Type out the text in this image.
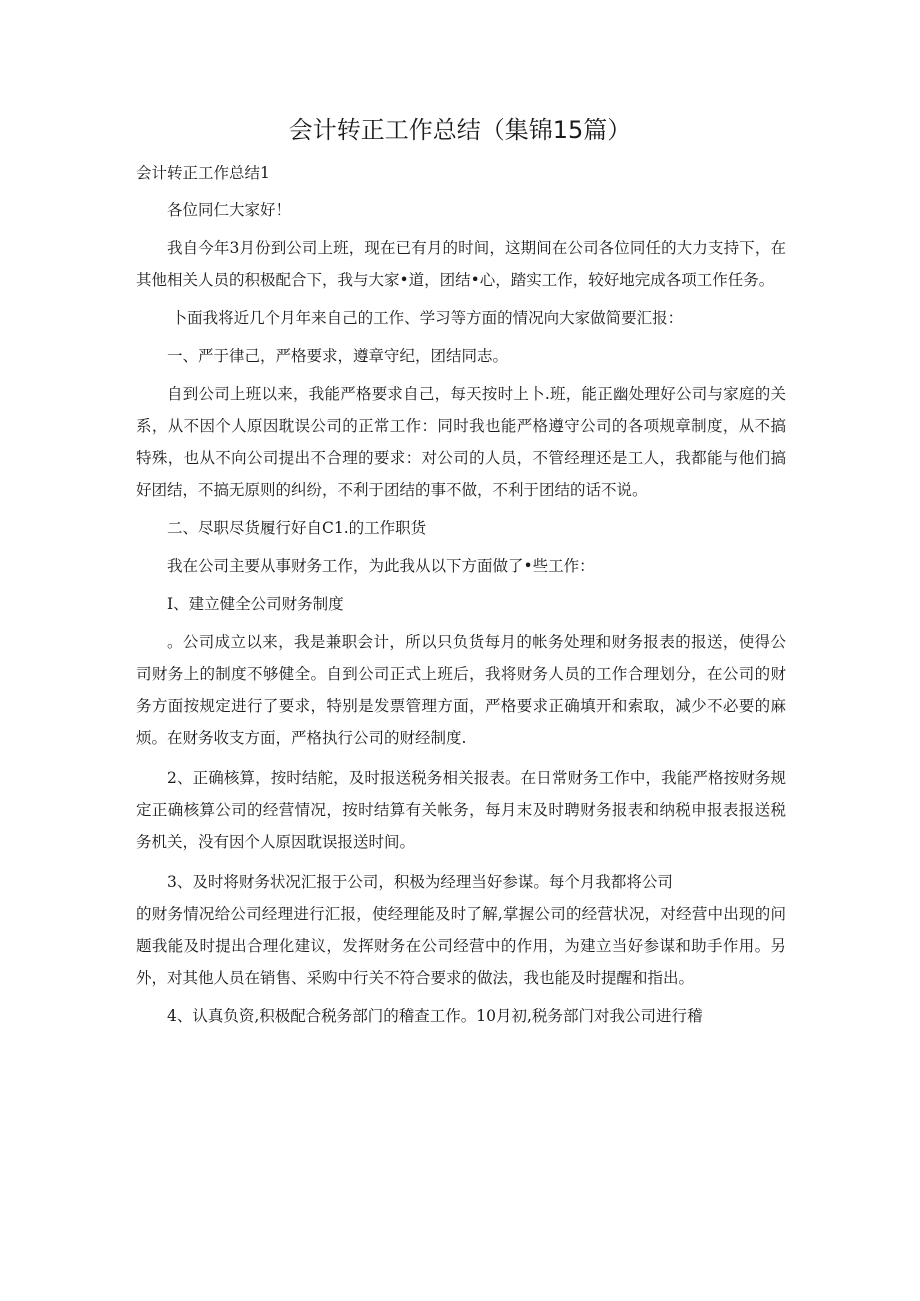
会计转正工作总结（集锦15篇）

会计转正工作总结1

各位同仁大家好！

我自今年3月份到公司上班，现在已有月的时间，这期间在公司各位同任的大力支持下，在其他相关人员的积极配合下，我与大家•道，团结•心，踏实工作，较好地完成各项工作任务。

卜面我将近几个月年来自己的工作、学习等方面的情况向大家做简要汇报：

一、严于律己，严格要求，遵章守纪，团结同志。

自到公司上班以来，我能严格要求自己，每天按时上卜.班，能正幽处理好公司与家庭的关系，从不因个人原因耽误公司的正常工作：同时我也能严格遵守公司的各项规章制度，从不搞特殊，也从不向公司提出不合理的要求：对公司的人员，不管经理还是工人，我都能与他们搞好团结，不搞无原则的纠纷，不利于团结的事不做，不利于团结的话不说。

二、尽职尽货履行好自C1.的工作职货

我在公司主要从事财务工作，为此我从以下方面做了•些工作：

I、建立健全公司财务制度

。公司成立以来，我是兼职会计，所以只负货每月的帐务处理和财务报表的报送，使得公司财务上的制度不够健全。自到公司正式上班后，我将财务人员的工作合理划分，在公司的财务方面按规定进行了要求，特别是发票管理方面，严格要求正确填开和索取，减少不必要的麻烦。在财务收支方面，严格执行公司的财经制度.

2、正确核算，按时结舵，及时报送税务相关报表。在日常财务工作中，我能严格按财务规定正确核算公司的经营情况，按时结算有关帐务，每月末及时聘财务报表和纳税申报表报送税务机关，没有因个人原因耽误报送时间。

3、及时将财务状况汇报于公司，积极为经理当好参谋。每个月我都将公司

的财务情况给公司经理进行汇报，使经理能及时了解,掌握公司的经营状况，对经营中出现的问题我能及时提出合理化建议，发挥财务在公司经营中的作用，为建立当好参谋和助手作用。另外，对其他人员在销售、采购中行关不符合要求的做法，我也能及时提醒和指出。

4、认真负资,积极配合税务部门的稽查工作。10月初,税务部门对我公司进行稽
